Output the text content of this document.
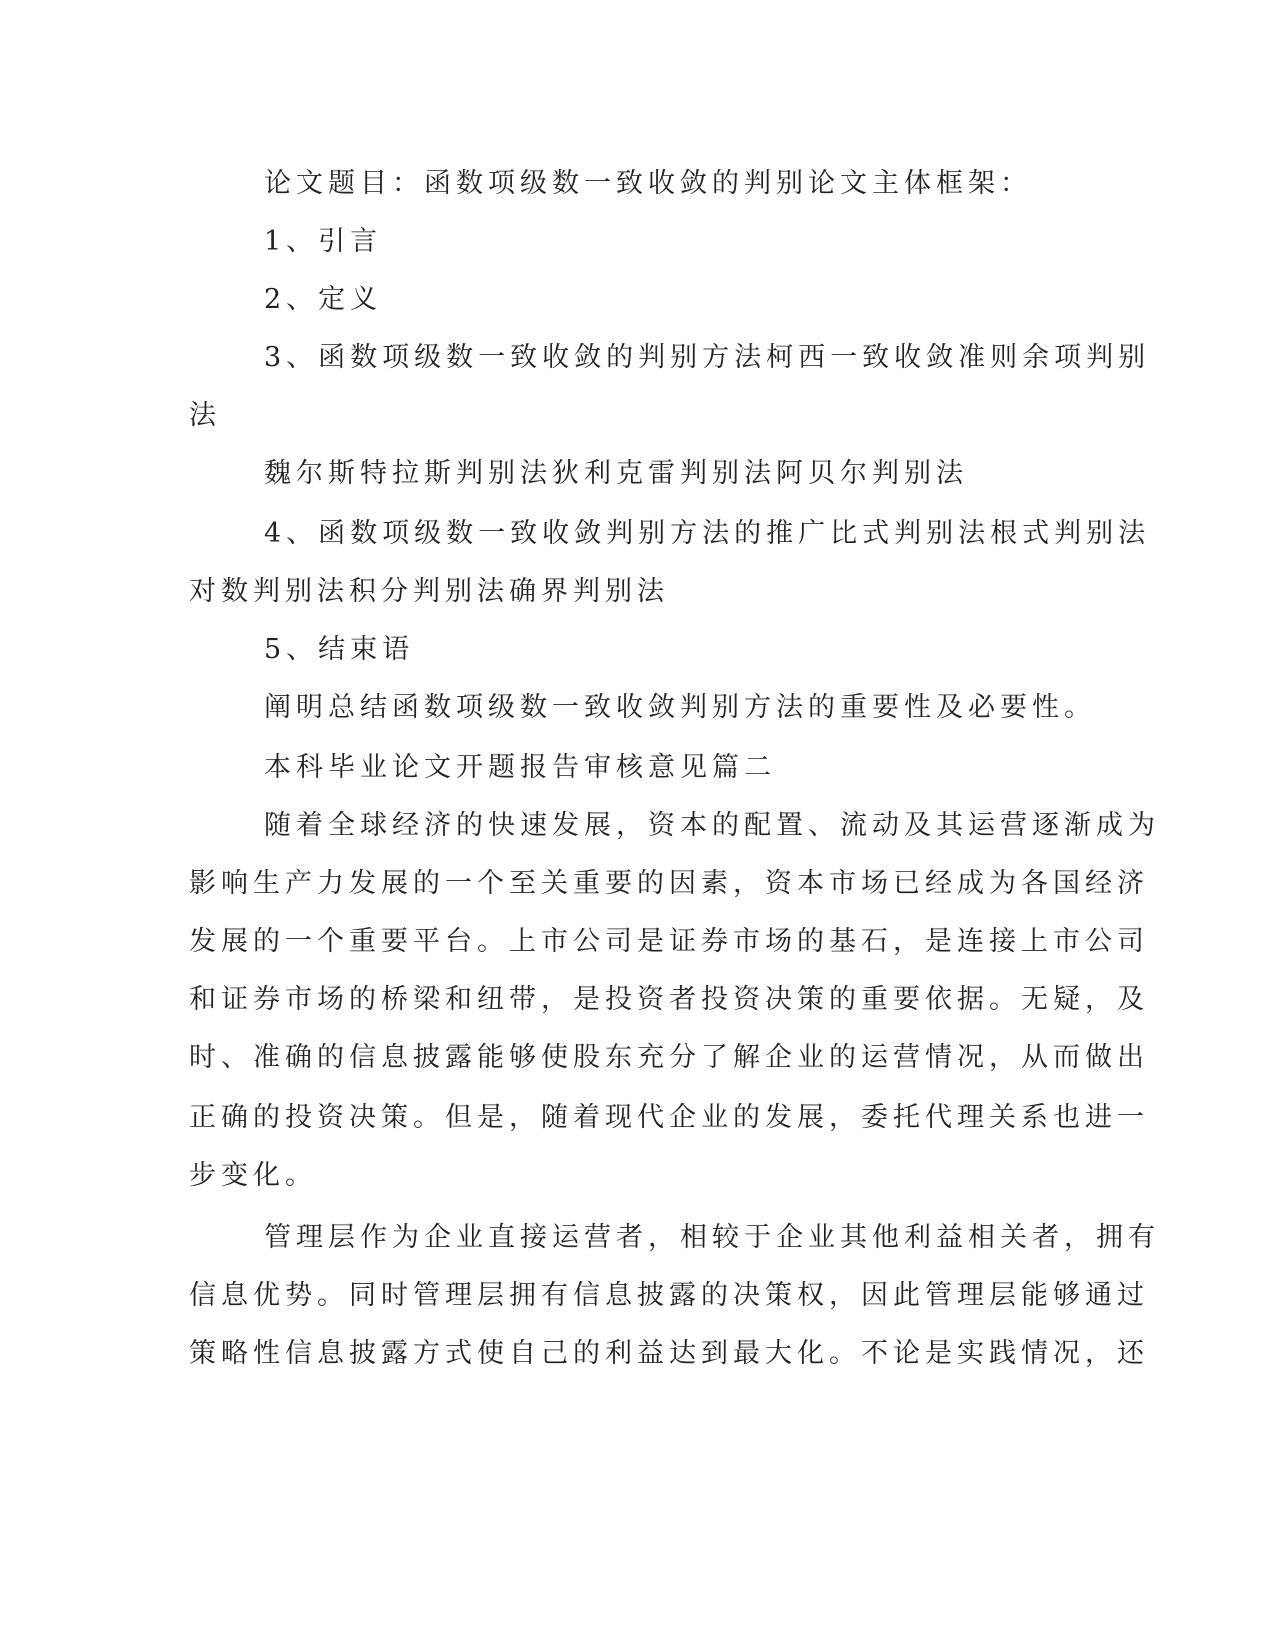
论文题目：函数项级数一致收敛的判别论文主体框架：
1、引言
2、定义
3、函数项级数一致收敛的判别方法柯西一致收敛准则余项判别
法
魏尔斯特拉斯判别法狄利克雷判别法阿贝尔判别法
4、函数项级数一致收敛判别方法的推广比式判别法根式判别法
对数判别法积分判别法确界判别法
5、结束语
阐明总结函数项级数一致收敛判别方法的重要性及必要性。
本科毕业论文开题报告审核意见篇二
随着全球经济的快速发展，资本的配置、流动及其运营逐渐成为
影响生产力发展的一个至关重要的因素，资本市场已经成为各国经济
发展的一个重要平台。上市公司是证券市场的基石，是连接上市公司
和证券市场的桥梁和纽带，是投资者投资决策的重要依据。无疑，及
时、准确的信息披露能够使股东充分了解企业的运营情况，从而做出
正确的投资决策。但是，随着现代企业的发展，委托代理关系也进一
步变化。
管理层作为企业直接运营者，相较于企业其他利益相关者，拥有
信息优势。同时管理层拥有信息披露的决策权，因此管理层能够通过
策略性信息披露方式使自己的利益达到最大化。不论是实践情况，还
